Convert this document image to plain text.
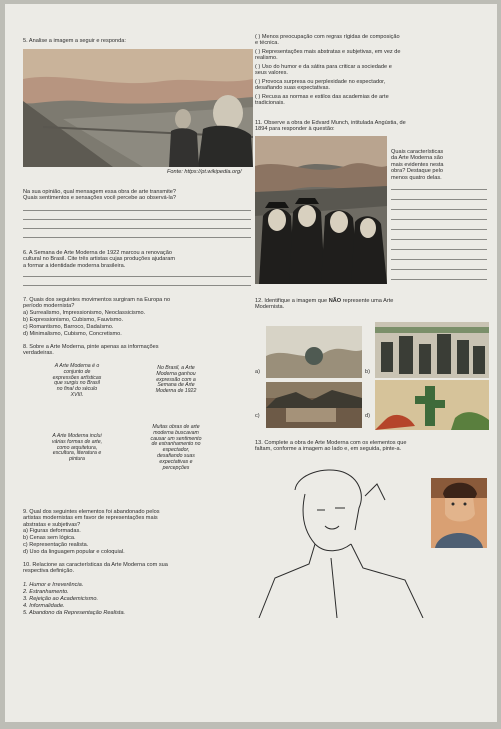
5. Analise a imagem a seguir e responda:

Fonte: https://pt.wikipedia.org/

Na sua opinião, qual mensagem essa obra de arte transmite?
Quais sentimentos e sensações você percebe ao observá-la?

6. A Semana de Arte Moderna de 1922 marcou a renovação
cultural no Brasil. Cite três artistas cujas produções ajudaram
a formar a identidade moderna brasileira.

7. Quais dos seguintes movimentos surgiram na Europa no
período modernista?

a) Surrealismo, Impressionismo, Neoclassicismo.

b) Expressionismo, Cubismo, Fauvismo.

c) Romantismo, Barroco, Dadaísmo.

d) Minimalismo, Cubismo, Concretismo.

8. Sobre a Arte Moderna, pinte apenas as informações
verdadeiras.

A Arte Moderna é o
conjunto de
expressões artísticas
que surgiu no Brasil
no final do século
XVIII.
No Brasil, a Arte
Moderna ganhou
expressão com a
Semana de Arte
Moderna de 1922
A Arte Moderna inclui
várias formas de arte,
como arquitetura,
escultura, literatura e
pintura
Muitas obras de arte
moderna buscavam
causar um sentimento
de estranhamento no
espectador,
desafiando suas
expectativas e
percepções

9. Qual dos seguintes elementos foi abandonado pelos
artistas modernistas em favor de representações mais
abstratas e subjetivas?

a) Figuras deformadas.

b) Cenas sem lógica.

c) Representação realista.

d) Uso da linguagem popular e coloquial.

10. Relacione as características da Arte Moderna com sua
respectiva definição.

1. Humor e Irreverência.

2. Estranhamento.

3. Rejeição ao Academicismo.

4. Informalidade.

5. Abandono da Representação Realista.

( ) Menos preocupação com regras rígidas de composição
e técnica.

( ) Representações mais abstratas e subjetivas, em vez de
realismo.

( ) Uso do humor e da sátira para criticar a sociedade e
seus valores.

( ) Provoca surpresa ou perplexidade no espectador,
desafiando suas expectativas.

( ) Recusa as normas e estilos das academias de arte
tradicionais.

11. Observe a obra de Edvard Munch, intitulada Angústia, de
1894 para responder à questão:

Quais características
da Arte Moderna são
mais evidentes nesta
obra? Destaque pelo
menos quatro delas.

12. Identifique a imagem que NÃO represente uma Arte
Modernista.

a)	b)
c)	d)

13. Complete a obra de Arte Moderna com os elementos que
faltam, conforme a imagem ao lado e, em seguida, pinte-a.
